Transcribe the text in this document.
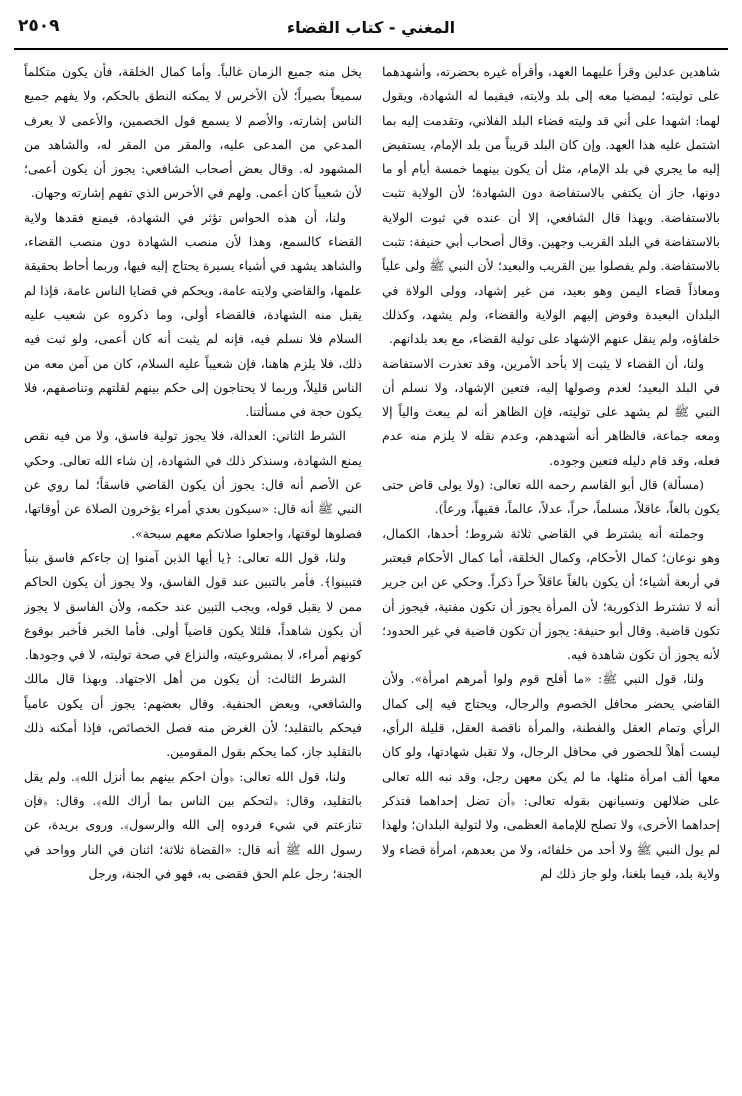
المغني - كتاب القضاء
٢٥٠٩

شاهدين عدلين وقرأ عليهما العهد، وأقرأه غيره بحضرته، وأشهدهما على توليته؛ ليمضيا معه إلى بلد ولايته، فيقيما له الشهادة، ويقول لهما: اشهدا على أني قد وليته قضاء البلد الفلاني، وتقدمت إليه بما اشتمل عليه هذا العهد. وإن كان البلد قريباً من بلد الإمام، يستفيض إليه ما يجري في بلد الإمام، مثل أن يكون بينهما خمسة أيام أو ما دونها، جاز أن يكتفي بالاستفاضة دون الشهادة؛ لأن الولاية تثبت بالاستفاضة. وبهذا قال الشافعي، إلا أن عنده في ثبوت الولاية بالاستفاضة في البلد القريب وجهين. وقال أصحاب أبي حنيفة: تثبت بالاستفاضة. ولم يفصلوا بين القريب والبعيد؛ لأن النبي ﷺ ولى علياً ومعاذاً قضاء اليمن وهو بعيد، من غير إشهاد، وولى الولاة في البلدان البعيدة وفوض إليهم الولاية والقضاء، ولم يشهد، وكذلك خلفاؤه، ولم ينقل عنهم الإشهاد على تولية القضاء، مع بعد بلدانهم.

ولنا، أن القضاء لا يثبت إلا بأحد الأمرين، وقد تعذرت الاستفاضة في البلد البعيد؛ لعدم وصولها إليه، فتعين الإشهاد، ولا نسلم أن النبي ﷺ لم يشهد على توليته، فإن الظاهر أنه لم يبعث والياً إلا ومعه جماعة، فالظاهر أنه أشهدهم، وعدم نقله لا يلزم منه عدم فعله، وقد قام دليله فتعين وجوده.

(مسألة) قال أبو القاسم رحمه الله تعالى: (ولا يولى قاض حتى يكون بالغاً، عاقلاً، مسلماً، حراً، عدلاً، عالماً، فقيهاً، ورعاً).

وجملته أنه يشترط في القاضي ثلاثة شروط؛ أحدها، الكمال، وهو نوعان؛ كمال الأحكام، وكمال الخلقة، أما كمال الأحكام فيعتبر في أربعة أشياء؛ أن يكون بالغاً عاقلاً حراً ذكراً. وحكي عن ابن جرير أنه لا تشترط الذكورية؛ لأن المرأة يجوز أن تكون مفتية، فيجوز أن تكون قاضية. وقال أبو حنيفة: يجوز أن تكون قاضية في غير الحدود؛ لأنه يجوز أن تكون شاهدة فيه.

ولنا، قول النبي ﷺ: «ما أفلح قوم ولوا أمرهم امرأة». ولأن القاضي يحضر محافل الخصوم والرجال، ويحتاج فيه إلى كمال الرأي وتمام العقل والفطنة، والمرأة ناقصة العقل، قليلة الرأي، ليست أهلاً للحضور في محافل الرجال، ولا تقبل شهادتها، ولو كان معها ألف امرأة مثلها، ما لم يكن معهن رجل، وقد نبه الله تعالى على ضلالهن ونسيانهن بقوله تعالى: ﴿أن تضل إحداهما فتذكر إحداهما الأخرى﴾ ولا تصلح للإمامة العظمى، ولا لتولية البلدان؛ ولهذا لم يول النبي ﷺ ولا أحد من خلفائه، ولا من بعدهم، امرأة قضاء ولا ولاية بلد، فيما بلغنا، ولو جاز ذلك لم

يخل منه جميع الزمان غالباً. وأما كمال الخلقة، فأن يكون متكلماً سميعاً بصيراً؛ لأن الأخرس لا يمكنه النطق بالحكم، ولا يفهم جميع الناس إشارته، والأصم لا يسمع قول الخصمين، والأعمى لا يعرف المدعي من المدعى عليه، والمقر من المقر له، والشاهد من المشهود له. وقال بعض أصحاب الشافعي: يجوز أن يكون أعمى؛ لأن شعيباً كان أعمى. ولهم في الأخرس الذي تفهم إشارته وجهان.

ولنا، أن هذه الحواس تؤثر في الشهادة، فيمنع فقدها ولاية القضاء كالسمع، وهذا لأن منصب الشهادة دون منصب القضاء، والشاهد يشهد في أشياء يسيرة يحتاج إليه فيها، وربما أحاط بحقيقة علمها، والقاضي ولايته عامة، ويحكم في قضايا الناس عامة، فإذا لم يقبل منه الشهادة، فالقضاء أولى، وما ذكروه عن شعيب عليه السلام فلا نسلم فيه، فإنه لم يثبت أنه كان أعمى، ولو ثبت فيه ذلك، فلا يلزم هاهنا، فإن شعيباً عليه السلام، كان من آمن معه من الناس قليلاً، وربما لا يحتاجون إلى حكم بينهم لقلتهم وتناصفهم، فلا يكون حجة في مسألتنا.

الشرط الثاني: العدالة، فلا يجوز تولية فاسق، ولا من فيه نقص يمنع الشهادة، وسنذكر ذلك في الشهادة، إن شاء الله تعالى. وحكي عن الأصم أنه قال: يجوز أن يكون القاضي فاسقاً؛ لما روي عن النبي ﷺ أنه قال: «سيكون بعدي أمراء يؤخرون الصلاة عن أوقاتها، فصلوها لوقتها، واجعلوا صلاتكم معهم سبحة».

ولنا، قول الله تعالى: ﴿يا أيها الذين آمنوا إن جاءكم فاسق بنبأ فتبينوا﴾. فأمر بالتبين عند قول الفاسق، ولا يجوز أن يكون الحاكم ممن لا يقبل قوله، ويجب التبين عند حكمه، ولأن الفاسق لا يجوز أن يكون شاهداً، فلئلا يكون قاضياً أولى. فأما الخبر فأخبر بوقوع كونهم أمراء، لا بمشروعيته، والنزاع في صحة توليته، لا في وجودها.

الشرط الثالث: أن يكون من أهل الاجتهاد. وبهذا قال مالك والشافعي، وبعض الحنفية. وقال بعضهم: يجوز أن يكون عامياً فيحكم بالتقليد؛ لأن الغرض منه فصل الخصائص، فإذا أمكنه ذلك بالتقليد جاز، كما يحكم بقول المقومين.

ولنا، قول الله تعالى: ﴿وأن احكم بينهم بما أنزل الله﴾. ولم يقل بالتقليد، وقال: ﴿لتحكم بين الناس بما أراك الله﴾. وقال: ﴿فإن تنازعتم في شيء فردوه إلى الله والرسول﴾. وروى بريدة، عن رسول الله ﷺ أنه قال: «القضاة ثلاثة؛ اثنان في النار وواحد في الجنة؛ رجل علم الحق فقضى به، فهو في الجنة، ورجل
